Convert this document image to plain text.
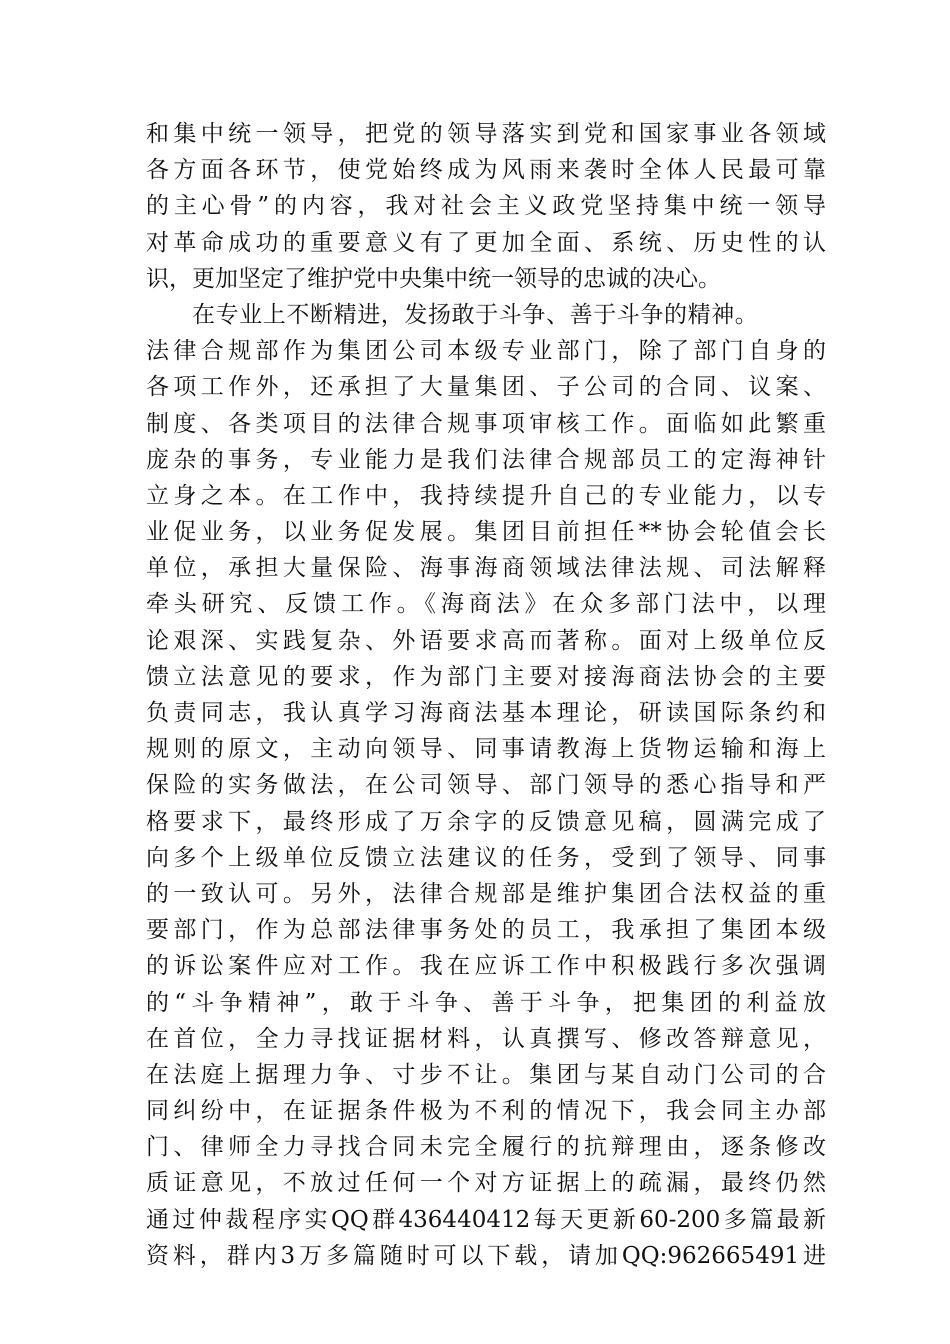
和集中统一领导，把党的领导落实到党和国家事业各领域
各方面各环节，使党始终成为风雨来袭时全体人民最可靠
的主心骨”的内容，我对社会主义政党坚持集中统一领导
对革命成功的重要意义有了更加全面、系统、历史性的认
识，更加坚定了维护党中央集中统一领导的忠诚的决心。
在专业上不断精进，发扬敢于斗争、善于斗争的精神。
法律合规部作为集团公司本级专业部门，除了部门自身的
各项工作外，还承担了大量集团、子公司的合同、议案、
制度、各类项目的法律合规事项审核工作。面临如此繁重
庞杂的事务，专业能力是我们法律合规部员工的定海神针
立身之本。在工作中，我持续提升自己的专业能力，以专
业促业务，以业务促发展。集团目前担任**协会轮值会长
单位，承担大量保险、海事海商领域法律法规、司法解释
牵头研究、反馈工作。《海商法》在众多部门法中，以理
论艰深、实践复杂、外语要求高而著称。面对上级单位反
馈立法意见的要求，作为部门主要对接海商法协会的主要
负责同志，我认真学习海商法基本理论，研读国际条约和
规则的原文，主动向领导、同事请教海上货物运输和海上
保险的实务做法，在公司领导、部门领导的悉心指导和严
格要求下，最终形成了万余字的反馈意见稿，圆满完成了
向多个上级单位反馈立法建议的任务，受到了领导、同事
的一致认可。另外，法律合规部是维护集团合法权益的重
要部门，作为总部法律事务处的员工，我承担了集团本级
的诉讼案件应对工作。我在应诉工作中积极践行多次强调
的“斗争精神”，敢于斗争、善于斗争，把集团的利益放
在首位，全力寻找证据材料，认真撰写、修改答辩意见，
在法庭上据理力争、寸步不让。集团与某自动门公司的合
同纠纷中，在证据条件极为不利的情况下，我会同主办部
门、律师全力寻找合同未完全履行的抗辩理由，逐条修改
质证意见，不放过任何一个对方证据上的疏漏，最终仍然
通过仲裁程序实QQ群436440412每天更新60-200多篇最新
资料，群内3万多篇随时可以下载，请加QQ:962665491进
